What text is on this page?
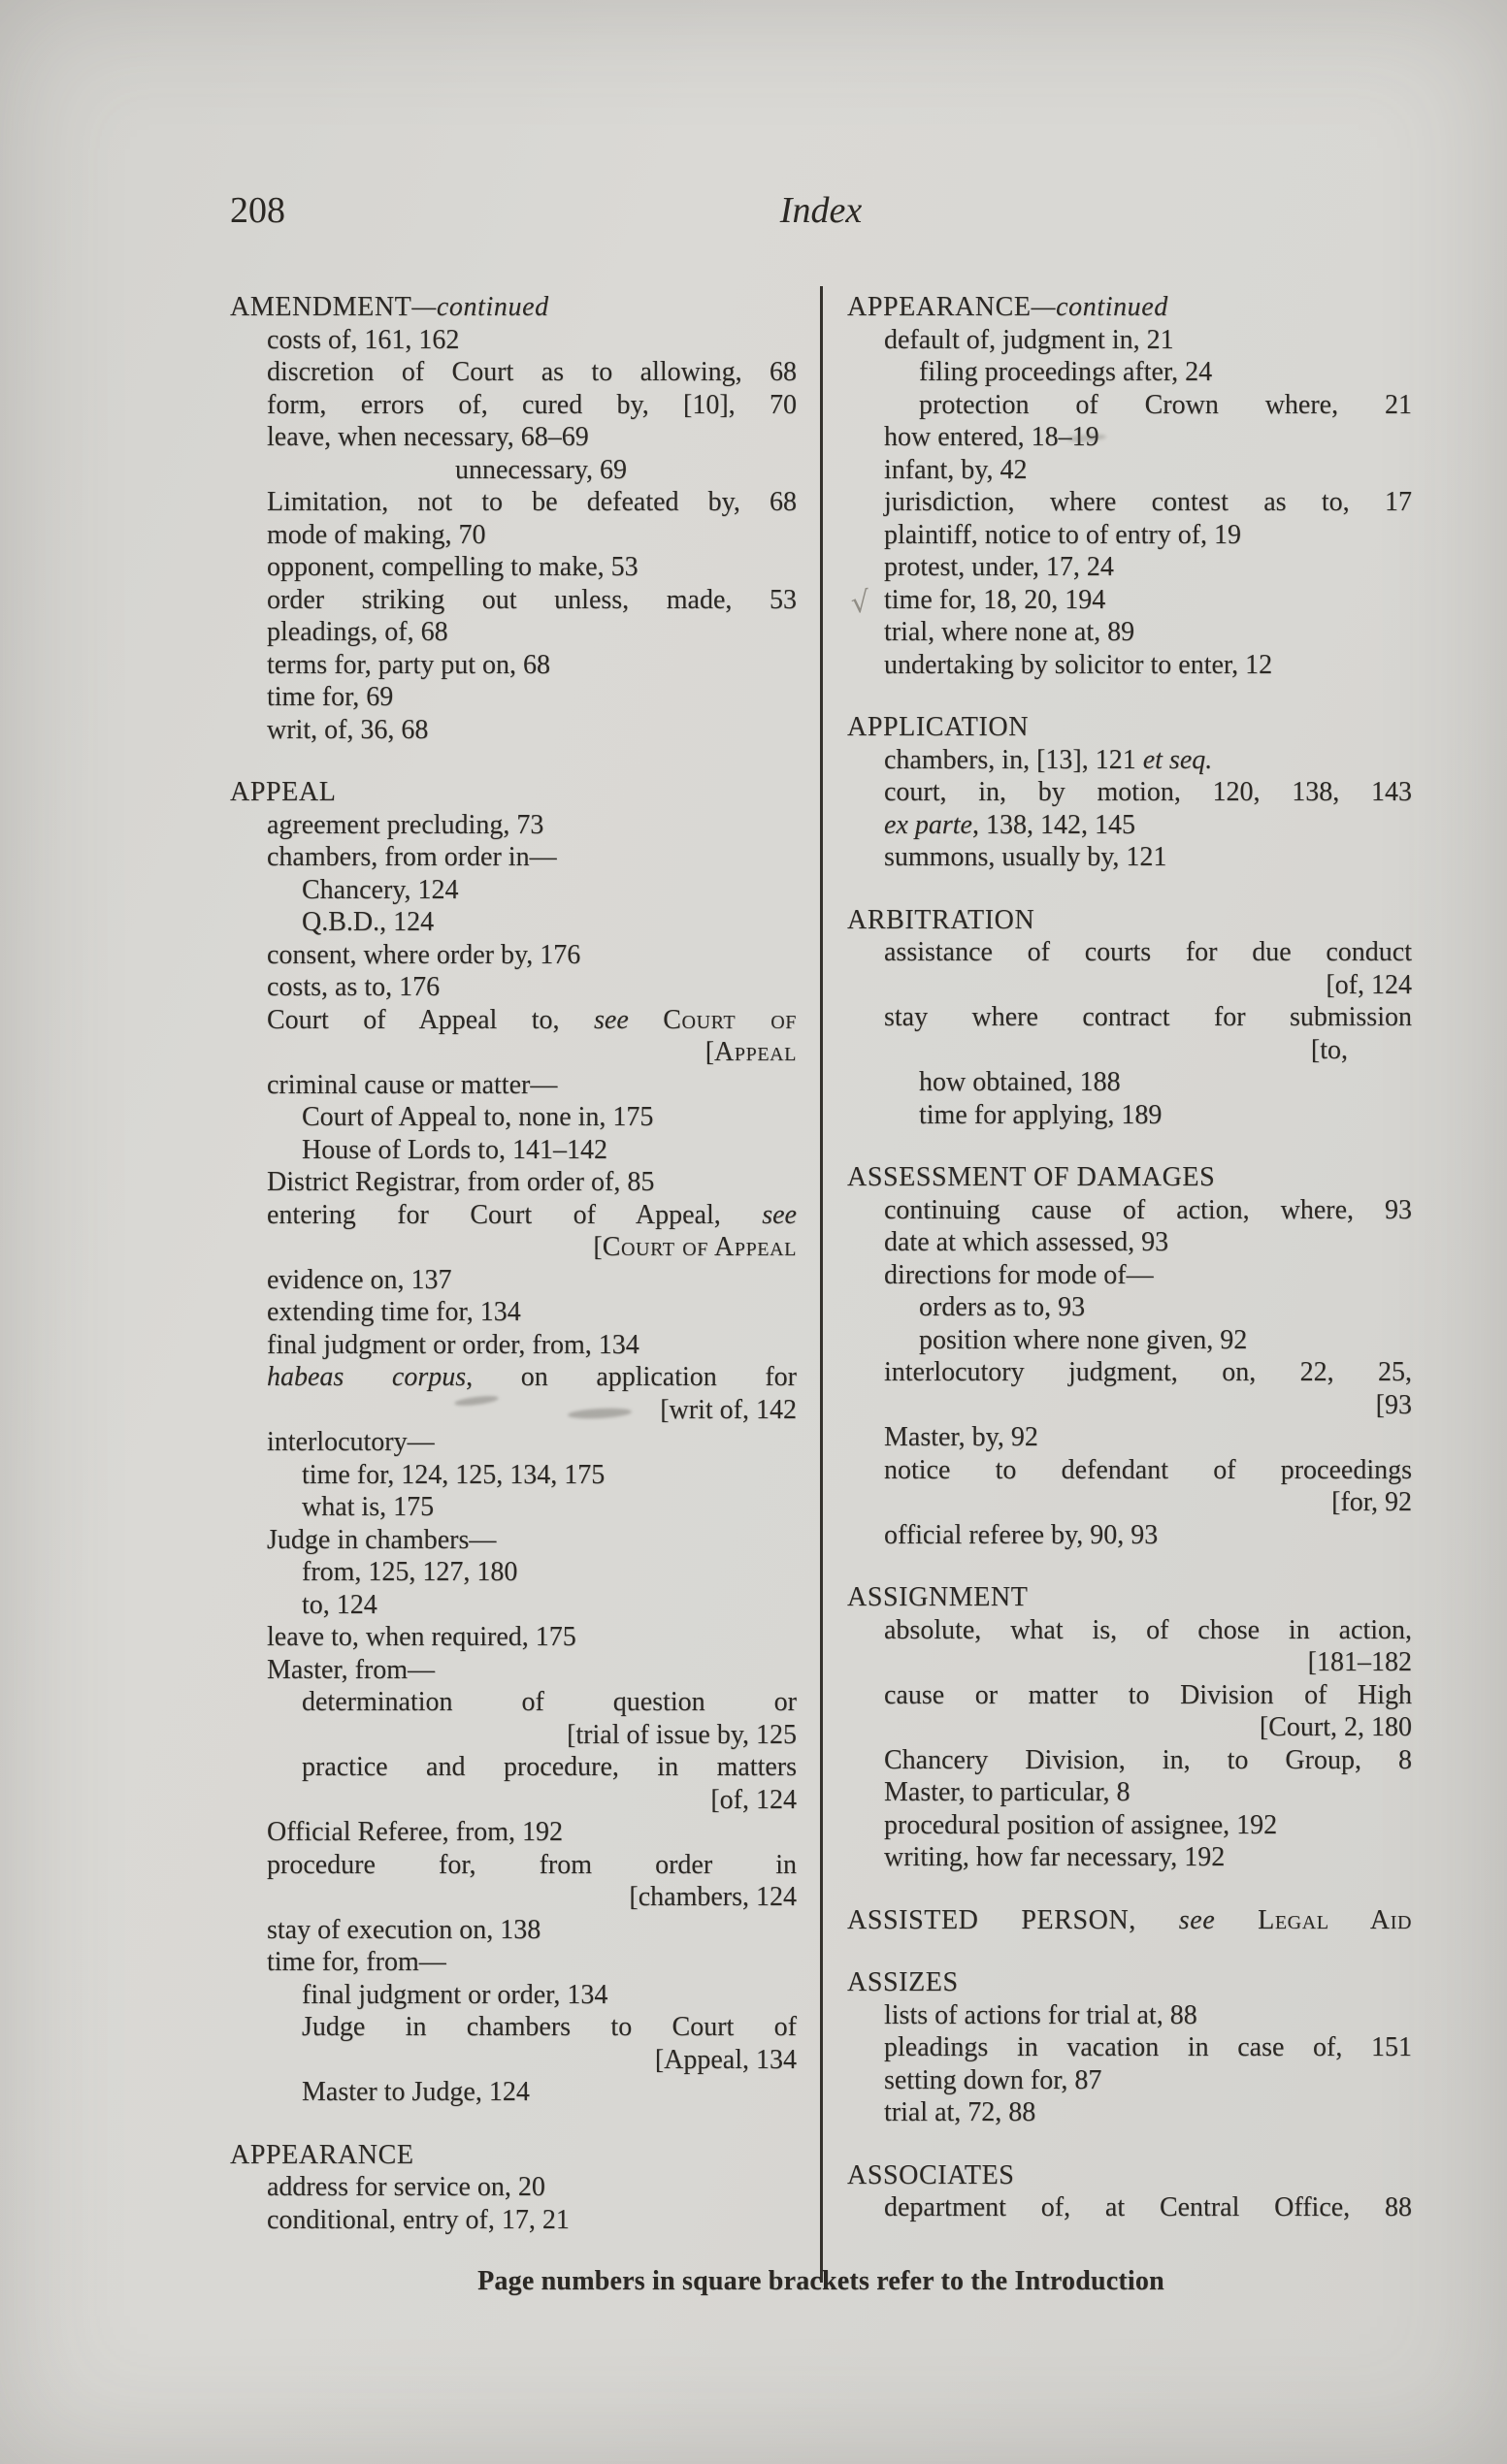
208	Index
AMENDMENT—continued
costs of, 161, 162
discretion of Court as to allowing, 68
form, errors of, cured by, [10], 70
leave, when necessary, 68–69
unnecessary, 69
Limitation, not to be defeated by, 68
mode of making, 70
opponent, compelling to make, 53
order striking out unless, made, 53
pleadings, of, 68
terms for, party put on, 68
time for, 69
writ, of, 36, 68
APPEAL
agreement precluding, 73
chambers, from order in—
Chancery, 124
Q.B.D., 124
consent, where order by, 176
costs, as to, 176
Court of Appeal to, see Court of
[Appeal
criminal cause or matter—
Court of Appeal to, none in, 175
House of Lords to, 141–142
District Registrar, from order of, 85
entering for Court of Appeal, see
[Court of Appeal
evidence on, 137
extending time for, 134
final judgment or order, from, 134
habeas corpus, on application for
[writ of, 142
interlocutory—
time for, 124, 125, 134, 175
what is, 175
Judge in chambers—
from, 125, 127, 180
to, 124
leave to, when required, 175
Master, from—
determination of question or
[trial of issue by, 125
practice and procedure, in matters
[of, 124
Official Referee, from, 192
procedure for, from order in
[chambers, 124
stay of execution on, 138
time for, from—
final judgment or order, 134
Judge in chambers to Court of
[Appeal, 134
Master to Judge, 124
APPEARANCE
address for service on, 20
conditional, entry of, 17, 21
APPEARANCE—continued
default of, judgment in, 21
filing proceedings after, 24
protection of Crown where, 21
how entered, 18–19
infant, by, 42
jurisdiction, where contest as to, 17
plaintiff, notice to of entry of, 19
protest, under, 17, 24
√ time for, 18, 20, 194
trial, where none at, 89
undertaking by solicitor to enter, 12
APPLICATION
chambers, in, [13], 121 et seq.
court, in, by motion, 120, 138, 143
ex parte, 138, 142, 145
summons, usually by, 121
ARBITRATION
assistance of courts for due conduct
[of, 124
stay where contract for submission
[to,
how obtained, 188
time for applying, 189
ASSESSMENT OF DAMAGES
continuing cause of action, where, 93
date at which assessed, 93
directions for mode of—
orders as to, 93
position where none given, 92
interlocutory judgment, on, 22, 25,
[93
Master, by, 92
notice to defendant of proceedings
[for, 92
official referee by, 90, 93
ASSIGNMENT
absolute, what is, of chose in action,
[181–182
cause or matter to Division of High
[Court, 2, 180
Chancery Division, in, to Group, 8
Master, to particular, 8
procedural position of assignee, 192
writing, how far necessary, 192
ASSISTED PERSON, see Legal Aid
ASSIZES
lists of actions for trial at, 88
pleadings in vacation in case of, 151
setting down for, 87
trial at, 72, 88
ASSOCIATES
department of, at Central Office, 88
Page numbers in square brackets refer to the Introduction
